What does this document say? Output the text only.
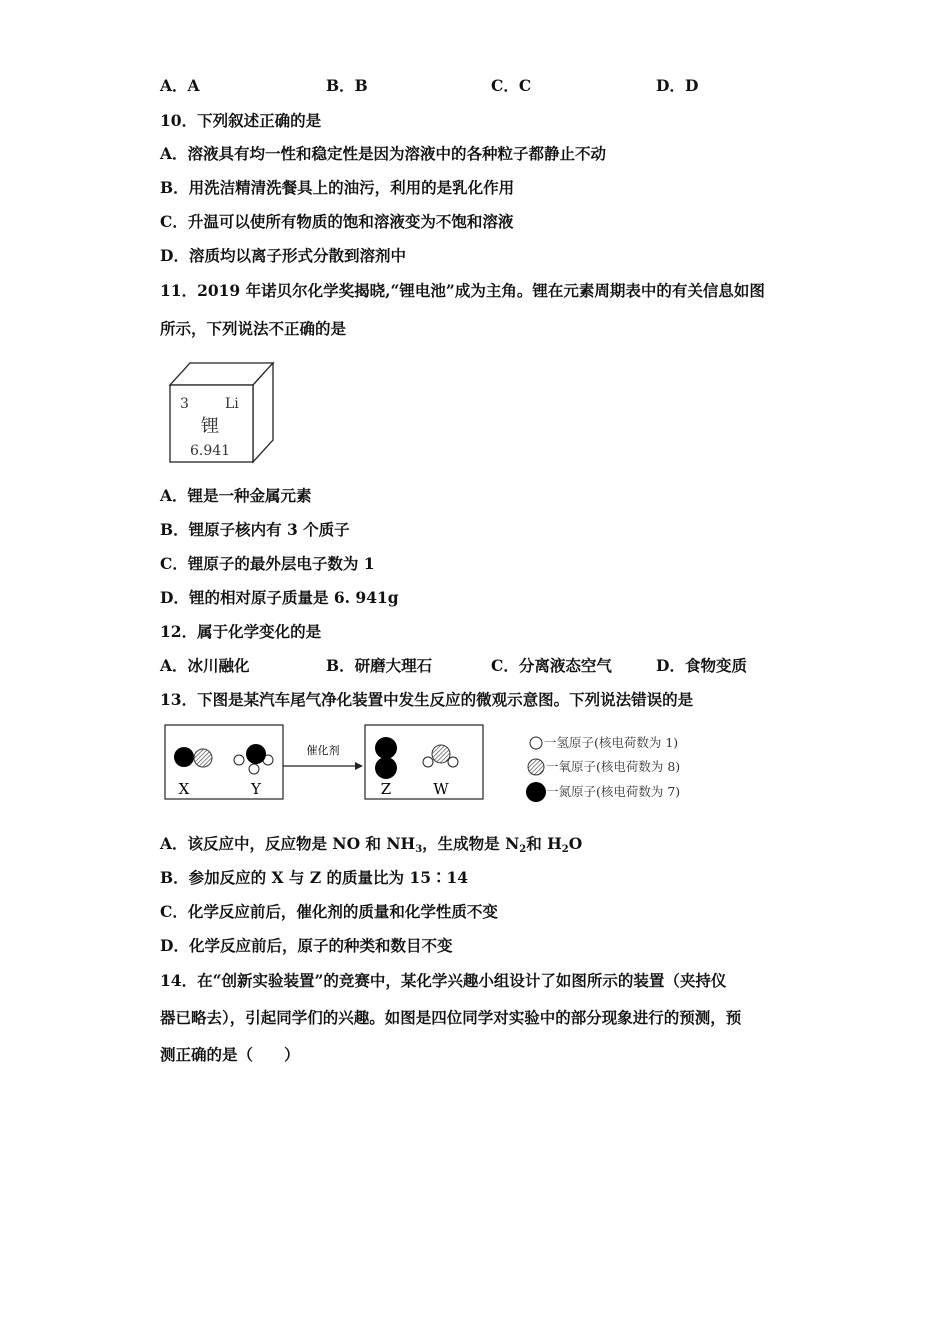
A．A	B．B	C．C	D．D
10．下列叙述正确的是
A．溶液具有均一性和稳定性是因为溶液中的各种粒子都静止不动
B．用洗洁精清洗餐具上的油污，利用的是乳化作用
C．升温可以使所有物质的饱和溶液变为不饱和溶液
D．溶质均以离子形式分散到溶剂中
11．2019 年诺贝尔化学奖揭晓,“锂电池”成为主角。锂在元素周期表中的有关信息如图
所示，下列说法不正确的是
3	Li
锂
6.941
A．锂是一种金属元素
B．锂原子核内有 3 个质子
C．锂原子的最外层电子数为 1
D．锂的相对原子质量是 6. 941g
12．属于化学变化的是
A．冰川融化	B．研磨大理石	C．分离液态空气	D．食物变质
13．下图是某汽车尾气净化装置中发生反应的微观示意图。下列说法错误的是
X	Y
催化剂
Z	W
一氢原子(核电荷数为 1)
一氧原子(核电荷数为 8)
一氮原子(核电荷数为 7)
A．该反应中，反应物是 NO 和 $NH_3$，生成物是 $N_2$和 $H_2O$
B．参加反应的 X 与 Z 的质量比为 15∶14
C．化学反应前后，催化剂的质量和化学性质不变
D．化学反应前后，原子的种类和数目不变
14．在“创新实验装置”的竞赛中，某化学兴趣小组设计了如图所示的装置（夹持仪
器已略去），引起同学们的兴趣。如图是四位同学对实验中的部分现象进行的预测，预
测正确的是（　　）
